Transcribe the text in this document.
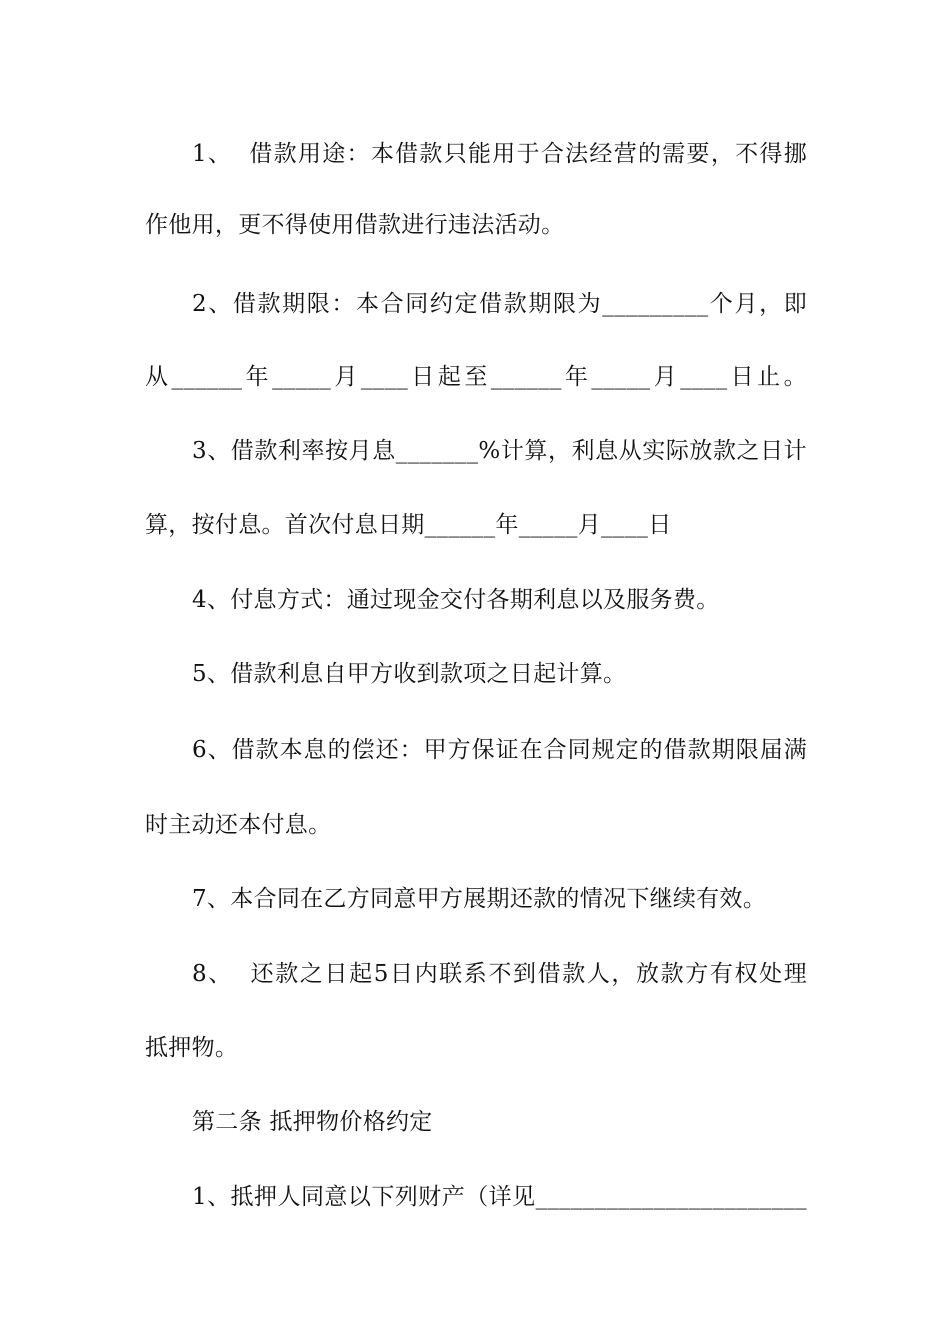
1、  借款用途：本借款只能用于合法经营的需要，不得挪
作他用，更不得使用借款进行违法活动。
2、借款期限：本合同约定借款期限为_________个月，即
从______年_____月____日起至______年_____月____日止。
3、借款利率按月息_______%计算，利息从实际放款之日计
算，按付息。首次付息日期______年_____月____日
4、付息方式：通过现金交付各期利息以及服务费。
5、借款利息自甲方收到款项之日起计算。
6、借款本息的偿还：甲方保证在合同规定的借款期限届满
时主动还本付息。
7、本合同在乙方同意甲方展期还款的情况下继续有效。
8、  还款之日起5日内联系不到借款人，放款方有权处理
抵押物。
第二条 抵押物价格约定
1、抵押人同意以下列财产（详见_______________________
